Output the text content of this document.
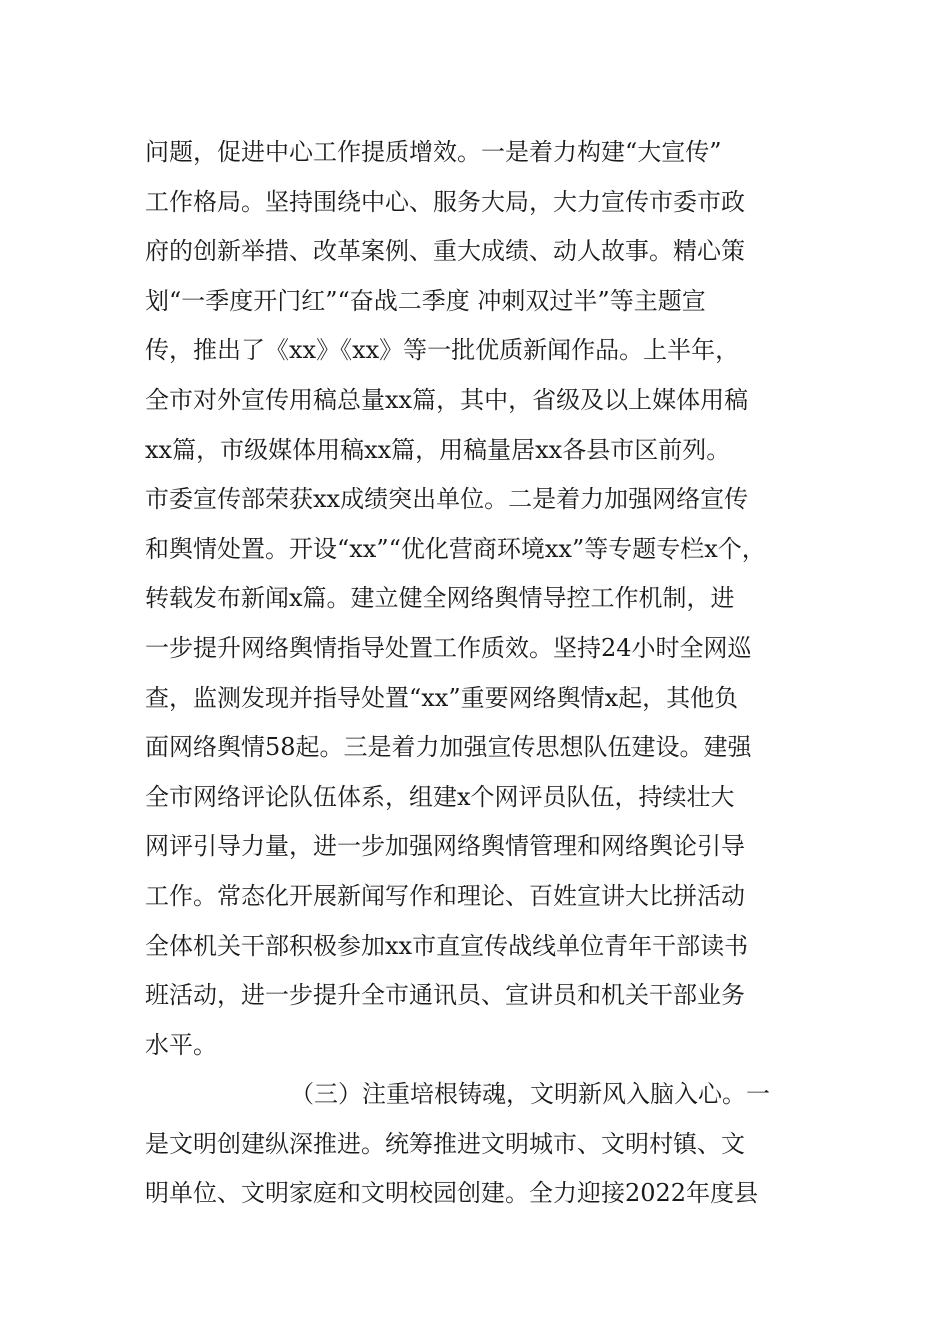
问题，促进中心工作提质增效。一是着力构建“大宣传”
工作格局。坚持围绕中心、服务大局，大力宣传市委市政
府的创新举措、改革案例、重大成绩、动人故事。精心策
划“一季度开门红”“奋战二季度 冲刺双过半”等主题宣
传，推出了《xx》《xx》等一批优质新闻作品。上半年，
全市对外宣传用稿总量xx篇，其中，省级及以上媒体用稿
xx篇，市级媒体用稿xx篇，用稿量居xx各县市区前列。
市委宣传部荣获xx成绩突出单位。二是着力加强网络宣传
和舆情处置。开设“xx”“优化营商环境xx”等专题专栏x个，
转载发布新闻x篇。建立健全网络舆情导控工作机制，进
一步提升网络舆情指导处置工作质效。坚持24小时全网巡
查，监测发现并指导处置“xx”重要网络舆情x起，其他负
面网络舆情58起。三是着力加强宣传思想队伍建设。建强
全市网络评论队伍体系，组建x个网评员队伍，持续壮大
网评引导力量，进一步加强网络舆情管理和网络舆论引导
工作。常态化开展新闻写作和理论、百姓宣讲大比拼活动
全体机关干部积极参加xx市直宣传战线单位青年干部读书
班活动，进一步提升全市通讯员、宣讲员和机关干部业务
水平。
（三）注重培根铸魂，文明新风入脑入心。一
是文明创建纵深推进。统筹推进文明城市、文明村镇、文
明单位、文明家庭和文明校园创建。全力迎接2022年度县
